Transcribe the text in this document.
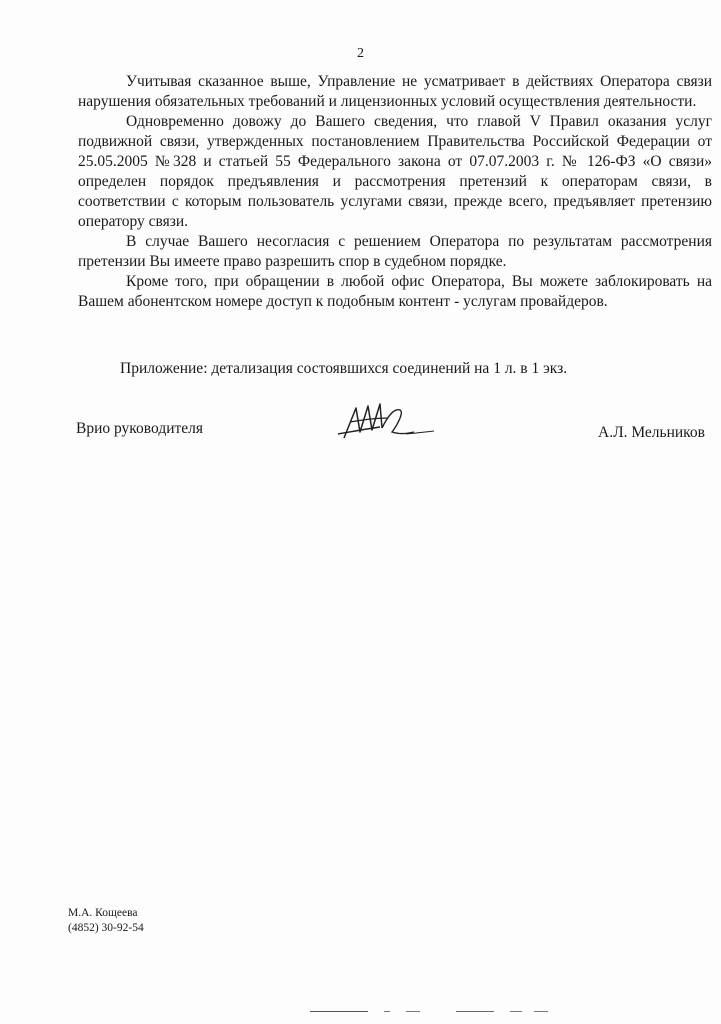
2

Учитывая сказанное выше, Управление не усматривает в действиях Оператора связи нарушения обязательных требований и лицензионных условий осуществления деятельности.

Одновременно довожу до Вашего сведения, что главой V Правил оказания услуг подвижной связи, утвержденных постановлением Правительства Российской Федерации от 25.05.2005 №328 и статьей 55 Федерального закона от 07.07.2003 г. № 126-ФЗ «О связи» определен порядок предъявления и рассмотрения претензий к операторам связи, в соответствии с которым пользователь услугами связи, прежде всего, предъявляет претензию оператору связи.

В случае Вашего несогласия с решением Оператора по результатам рассмотрения претензии Вы имеете право разрешить спор в судебном порядке.

Кроме того, при обращении в любой офис Оператора, Вы можете заблокировать на Вашем абонентском номере доступ к подобным контент - услугам провайдеров.

Приложение: детализация состоявшихся соединений на 1 л. в 1 экз.
Врио руководителя	А.Л. Мельников
М.А. Кощеева
(4852) 30-92-54
